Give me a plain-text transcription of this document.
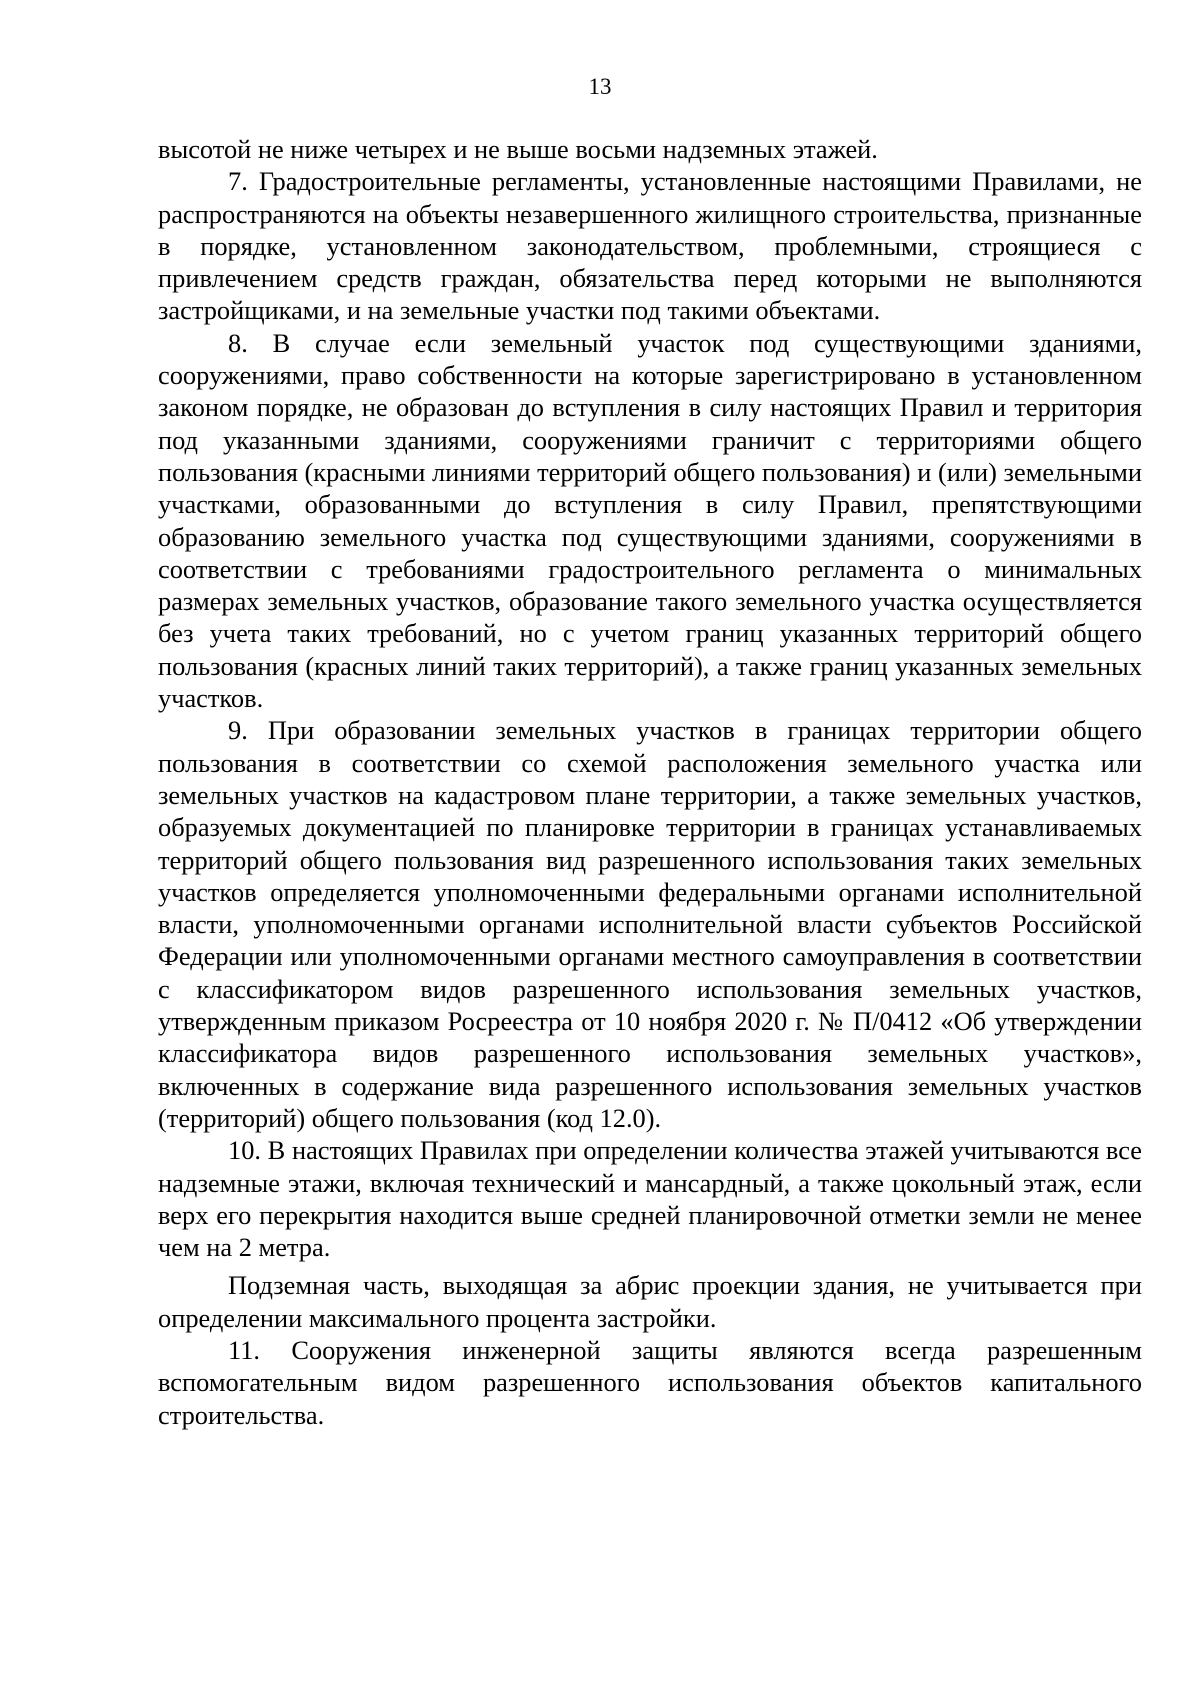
13

высотой не ниже четырех и не выше восьми надземных этажей.

7. Градостроительные регламенты, установленные настоящими Правилами, не распространяются на объекты незавершенного жилищного строительства, признанные в порядке, установленном законодательством, проблемными, строящиеся с привлечением средств граждан, обязательства перед которыми не выполняются застройщиками, и на земельные участки под такими объектами.

8. В случае если земельный участок под существующими зданиями, сооружениями, право собственности на которые зарегистрировано в установленном законом порядке, не образован до вступления в силу настоящих Правил и территория под указанными зданиями, сооружениями граничит с территориями общего пользования (красными линиями территорий общего пользования) и (или) земельными участками, образованными до вступления в силу Правил, препятствующими образованию земельного участка под существующими зданиями, сооружениями в соответствии с требованиями градостроительного регламента о минимальных размерах земельных участков, образование такого земельного участка осуществляется без учета таких требований, но с учетом границ указанных территорий общего пользования (красных линий таких территорий), а также границ указанных земельных участков.

9. При образовании земельных участков в границах территории общего пользования в соответствии со схемой расположения земельного участка или земельных участков на кадастровом плане территории, а также земельных участков, образуемых документацией по планировке территории в границах устанавливаемых территорий общего пользования вид разрешенного использования таких земельных участков определяется уполномоченными федеральными органами исполнительной власти, уполномоченными органами исполнительной власти субъектов Российской Федерации или уполномоченными органами местного самоуправления в соответствии с классификатором видов разрешенного использования земельных участков, утвержденным приказом Росреестра от 10 ноября 2020 г. № П/0412 «Об утверждении классификатора видов разрешенного использования земельных участков», включенных в содержание вида разрешенного использования земельных участков (территорий) общего пользования (код 12.0).

10. В настоящих Правилах при определении количества этажей учитываются все надземные этажи, включая технический и мансардный, а также цокольный этаж, если верх его перекрытия находится выше средней планировочной отметки земли не менее чем на 2 метра.

Подземная часть, выходящая за абрис проекции здания, не учитывается при определении максимального процента застройки.

11. Сооружения инженерной защиты являются всегда разрешенным вспомогательным видом разрешенного использования объектов капитального строительства.
